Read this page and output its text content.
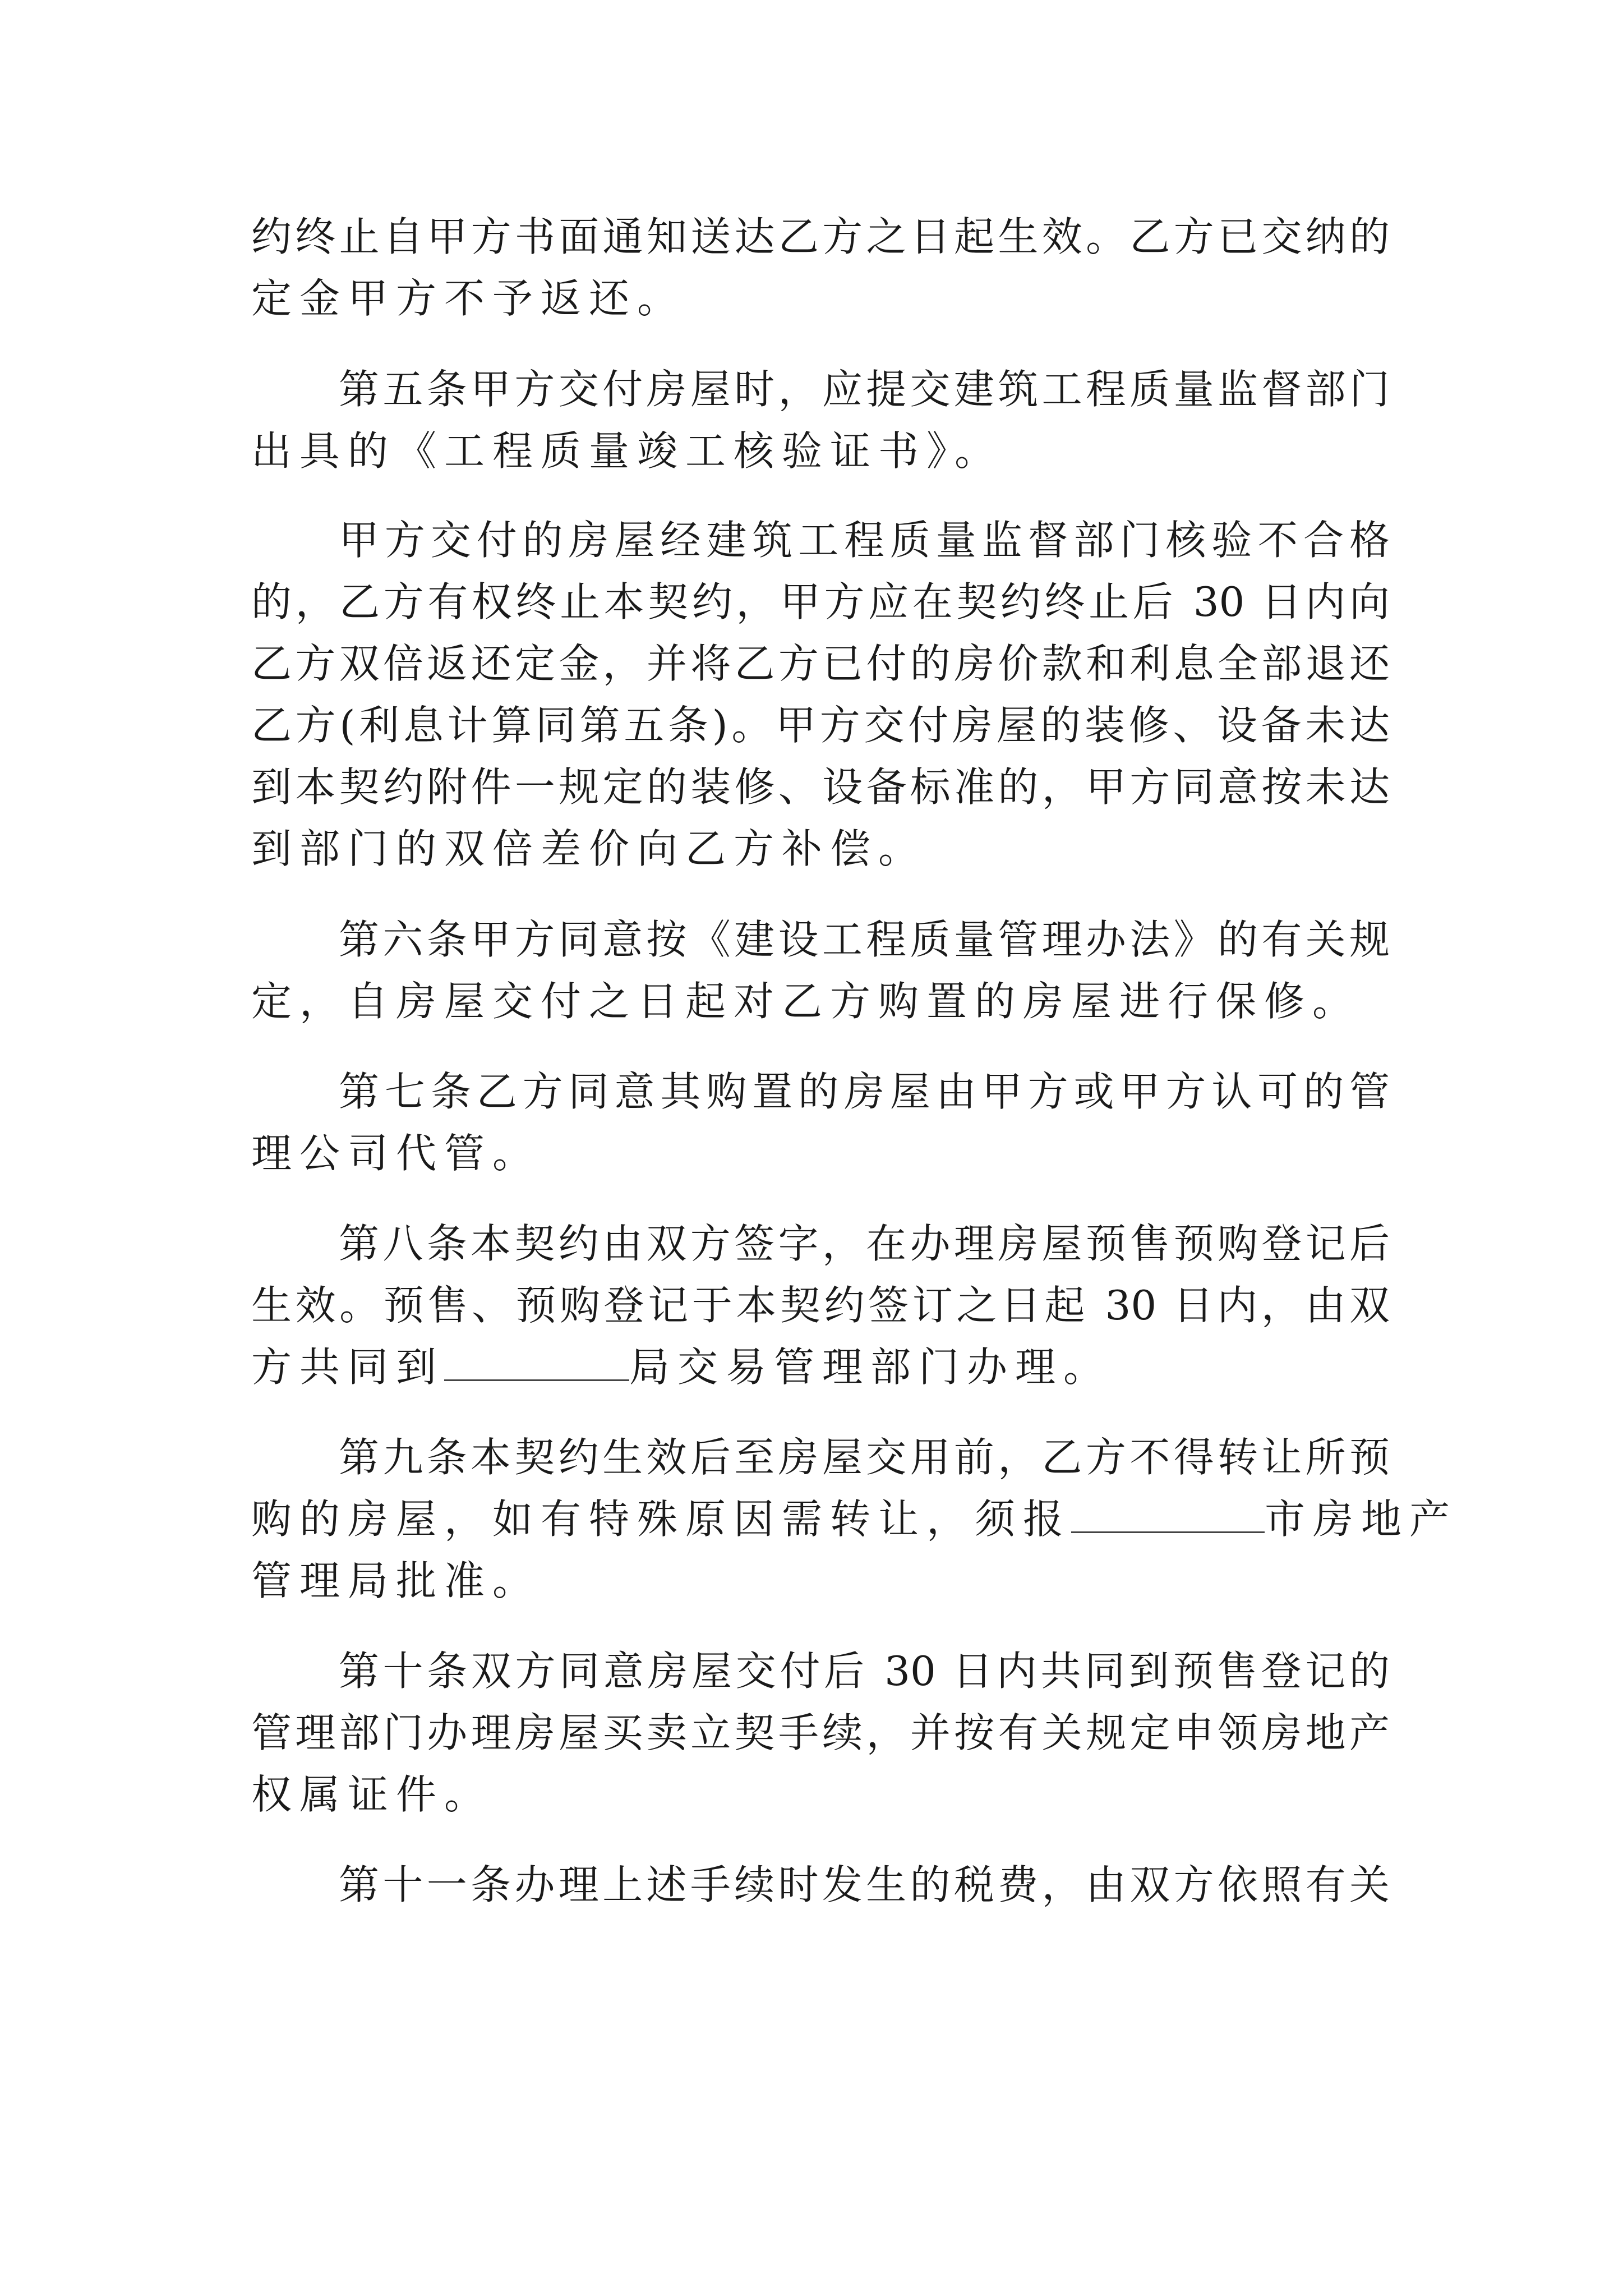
约终止自甲方书面通知送达乙方之日起生效。乙方已交纳的
定金甲方不予返还。
第五条甲方交付房屋时，应提交建筑工程质量监督部门
出具的《工程质量竣工核验证书》。
甲方交付的房屋经建筑工程质量监督部门核验不合格
的，乙方有权终止本契约，甲方应在契约终止后 30 日内向
乙方双倍返还定金，并将乙方已付的房价款和利息全部退还
乙方(利息计算同第五条)。甲方交付房屋的装修、设备未达
到本契约附件一规定的装修、设备标准的，甲方同意按未达
到部门的双倍差价向乙方补偿。
第六条甲方同意按《建设工程质量管理办法》的有关规
定，自房屋交付之日起对乙方购置的房屋进行保修。
第七条乙方同意其购置的房屋由甲方或甲方认可的管
理公司代管。
第八条本契约由双方签字，在办理房屋预售预购登记后
生效。预售、预购登记于本契约签订之日起 30 日内，由双
方共同到	局交易管理部门办理。
第九条本契约生效后至房屋交用前，乙方不得转让所预
购的房屋，如有特殊原因需转让，须报	市房地产
管理局批准。
第十条双方同意房屋交付后 30 日内共同到预售登记的
管理部门办理房屋买卖立契手续，并按有关规定申领房地产
权属证件。
第十一条办理上述手续时发生的税费，由双方依照有关
